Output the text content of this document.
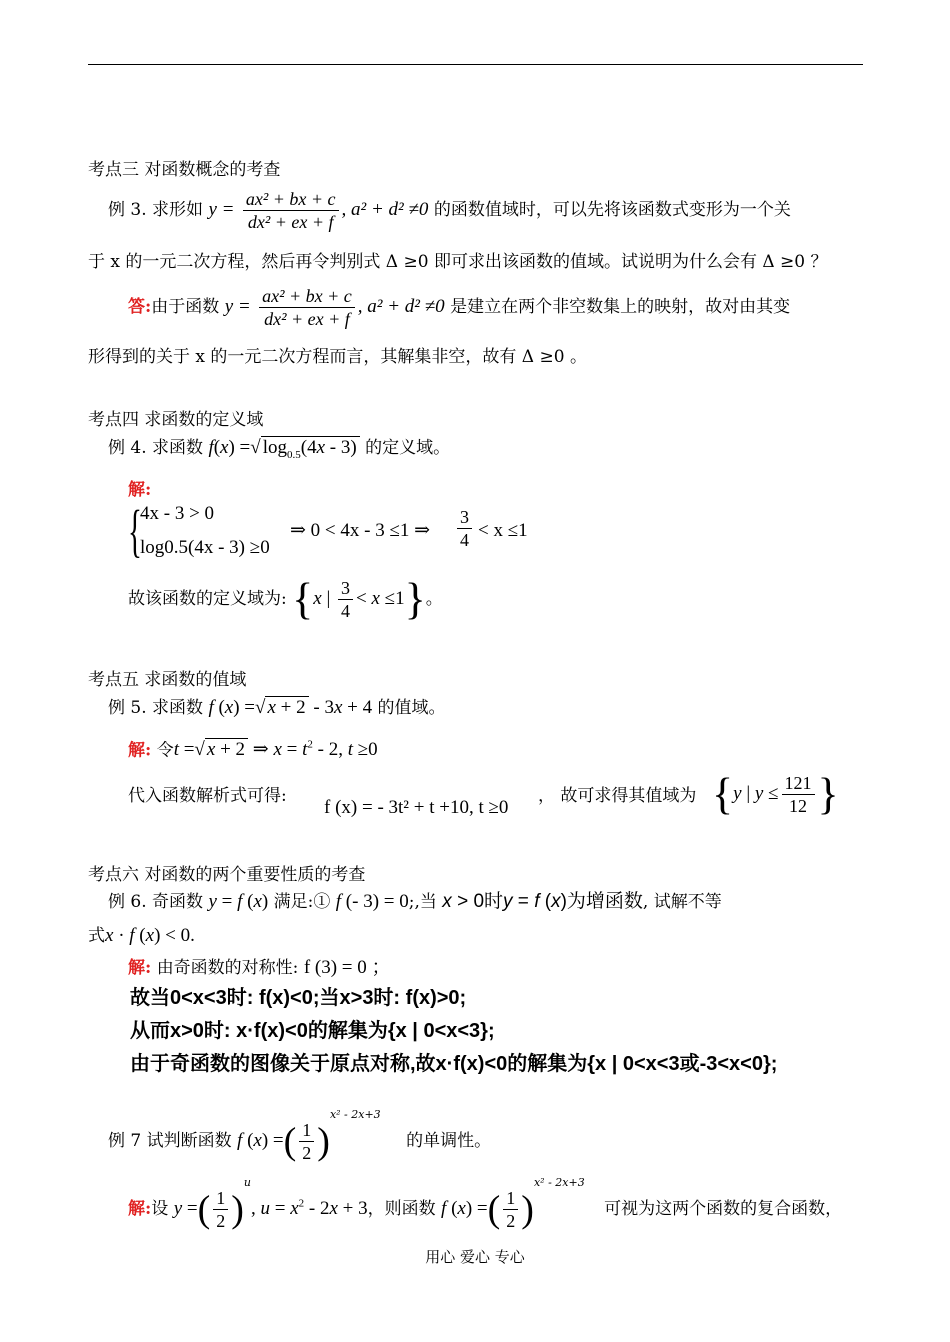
考点三 对函数概念的考查
例 3. 求形如 $y = \frac{\text{ax² + bx + c}}{\text{dx² + ex + f}}$ , a² + d² ≠0 的函数值域时，可以先将该函数式变形为一个关
于 x 的一元二次方程，然后再令判别式 Δ ≥0 即可求出该函数的值域。试说明为什么会有 Δ ≥0 ？
答:由于函数 $y = \frac{\text{ax² + bx + c}}{\text{dx² + ex + f}}$ , a² + d² ≠0 是建立在两个非空数集上的映射，故对由其变
形得到的关于 x 的一元二次方程而言，其解集非空，故有 Δ ≥0 。
考点四 求函数的定义域
例 4. 求函数 f(x) =√ $\log_{0.5}(4x - 3)$ 的定义域。
解:
{
4x - 3 > 0
log0.5(4x - 3) ≥0
⇒ 0 < 4x - 3 ≤1 ⇒ $\frac{3}{4} < x \le 1$
故该函数的定义域为: {x | $\frac{3}{4} < x \le 1$}。
考点五 求函数的值域
例 5. 求函数 f (x) =√ x + 2 - 3x + 4 的值域。
解: 令t =√ x + 2 ⇒ $x = t^2 - 2$, t ≥0
代入函数解析式可得:
f (x) = - 3t² + t +10, t ≥0
， 故可求得其值域为 {y | $y \le \frac{121}{12}$ }
考点六 对函数的两个重要性质的考查
例 6. 奇函数 y = f (x) 满足:① f (- 3) = 0;,当 x > 0时y = f (x)为增函数, 试解不等
式x · f (x) < 0.
解: 由奇函数的对称性: f (3) = 0 ；
故当0<x<3时: f(x)<0;当x>3时: f(x)>0;
从而x>0时: x·f(x)<0的解集为{x | 0<x<3};
由于奇函数的图像关于原点对称,故x·f(x)<0的解集为{x | 0<x<3或-3<x<0};
例 7 试判断函数 f (x) =( $\frac{1}{2} )^{x^2 - 2x+3}$ 的单调性。
解:设 y =( $\frac{1}{2} )^u$, $u = x^2 - 2x + 3$，则函数 f (x) =( $\frac{1}{2} )^{x^2 - 2x+3}$ 可视为这两个函数的复合函数，
用心 爱心 专心
